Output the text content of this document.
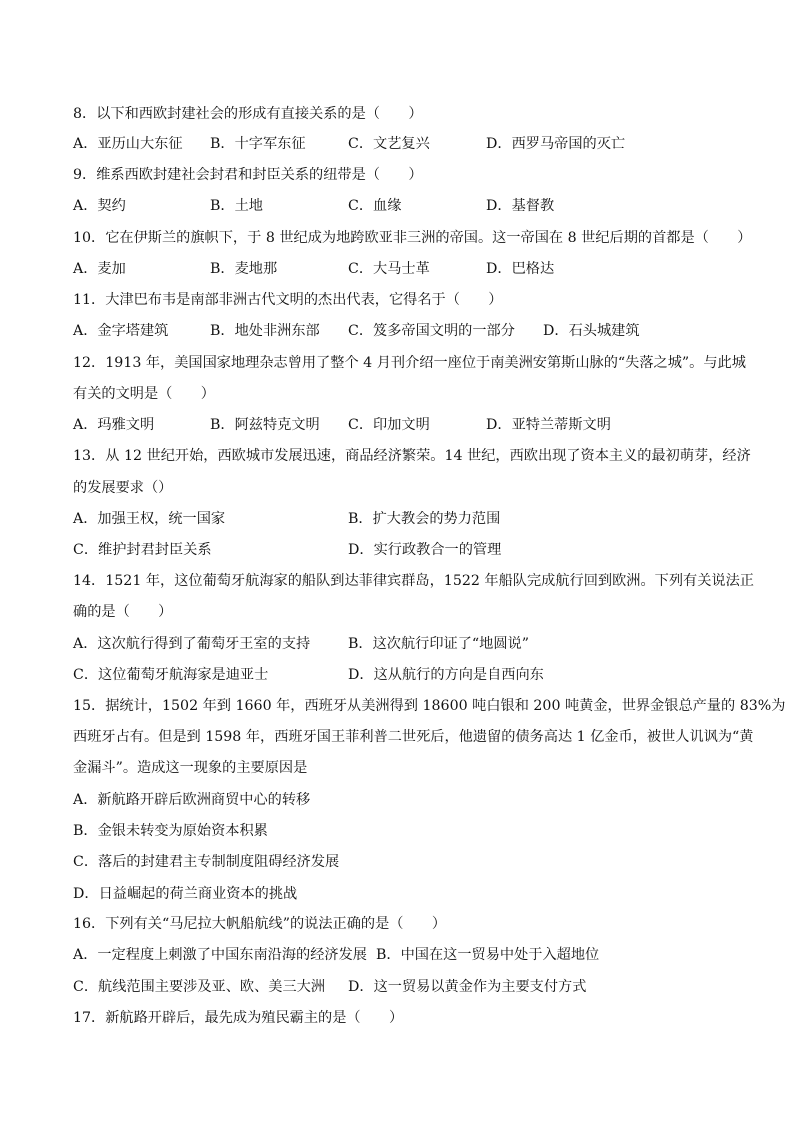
8．以下和西欧封建社会的形成有直接关系的是（　　）
A．亚历山大东征 B．十字军东征	C．文艺复兴	D．西罗马帝国的灭亡
9．维系西欧封建社会封君和封臣关系的纽带是（　　）
A．契约	B．土地	C．血缘	D．基督教
10．它在伊斯兰的旗帜下，于 8 世纪成为地跨欧亚非三洲的帝国。这一帝国在 8 世纪后期的首都是（　　）
A．麦加	B．麦地那	C．大马士革	D．巴格达
11．大津巴布韦是南部非洲古代文明的杰出代表，它得名于（　　）
A．金字塔建筑	B．地处非洲东部 C．笈多帝国文明的一部分 D．石头城建筑
12．1913 年，美国国家地理杂志曾用了整个 4 月刊介绍一座位于南美洲安第斯山脉的“失落之城”。与此城
有关的文明是（　　）
A．玛雅文明	B．阿兹特克文明 C．印加文明	D．亚特兰蒂斯文明
13．从 12 世纪开始，西欧城市发展迅速，商品经济繁荣。14 世纪，西欧出现了资本主义的最初萌芽，经济
的发展要求（）
A．加强王权，统一国家	B．扩大教会的势力范围
C．维护封君封臣关系	D．实行政教合一的管理
14．1521 年，这位葡萄牙航海家的船队到达菲律宾群岛，1522 年船队完成航行回到欧洲。下列有关说法正
确的是（　　）
A．这次航行得到了葡萄牙王室的支持	B．这次航行印证了“地圆说”
C．这位葡萄牙航海家是迪亚士	D．这从航行的方向是自西向东
15．据统计，1502 年到 1660 年，西班牙从美洲得到 18600 吨白银和 200 吨黄金，世界金银总产量的 83%为
西班牙占有。但是到 1598 年，西班牙国王菲利普二世死后，他遗留的债务高达 1 亿金币，被世人讥讽为“黄
金漏斗”。造成这一现象的主要原因是
A．新航路开辟后欧洲商贸中心的转移
B．金银未转变为原始资本积累
C．落后的封建君主专制制度阻碍经济发展
D．日益崛起的荷兰商业资本的挑战
16．下列有关“马尼拉大帆船航线”的说法正确的是（　　）
A．一定程度上刺激了中国东南沿海的经济发展 B．中国在这一贸易中处于入超地位
C．航线范围主要涉及亚、欧、美三大洲 D．这一贸易以黄金作为主要支付方式
17．新航路开辟后，最先成为殖民霸主的是（　　）
